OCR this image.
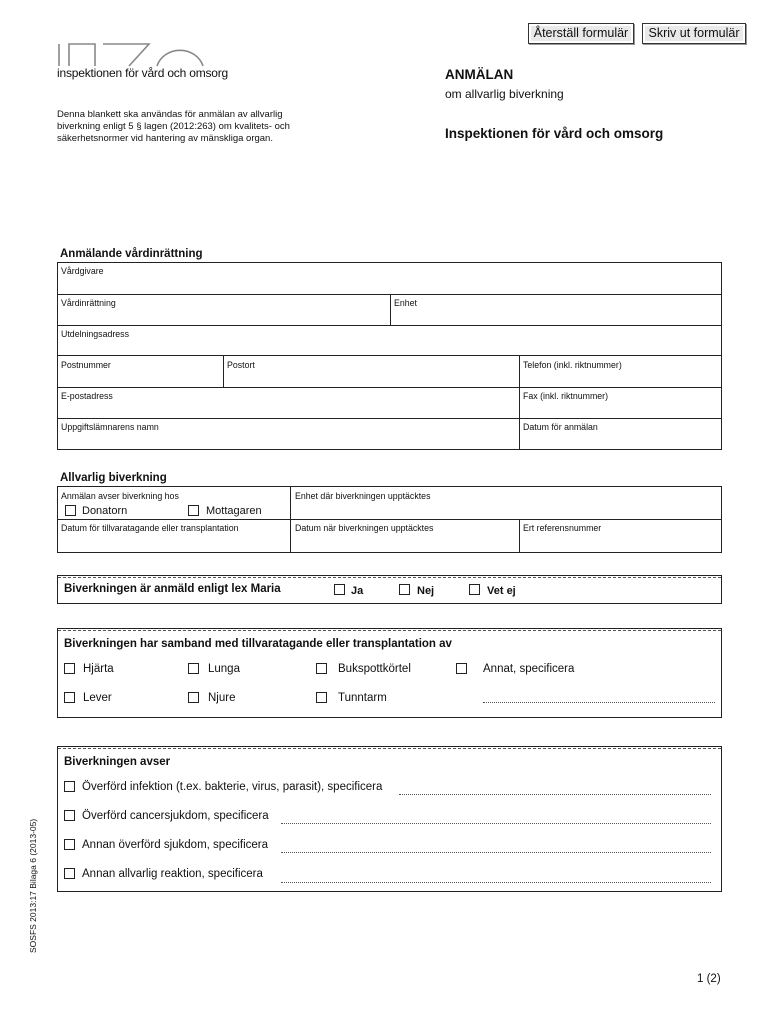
Återställ formulär	Skriv ut formulär
inspektionen för vård och omsorg	ANMÄLAN
om allvarlig biverkning
Inspektionen för vård och omsorg
Denna blankett ska användas för anmälan av allvarlig biverkning enligt 5 § lagen (2012:263) om kvalitets- och säkerhetsnormer vid hantering av mänskliga organ.
Anmälande vårdinrättning
Vårdgivare
Vårdinrättning	Enhet
Utdelningsadress
Postnummer	Postort	Telefon (inkl. riktnummer)
E-postadress	Fax (inkl. riktnummer)
Uppgiftslämnarens namn	Datum för anmälan
Allvarlig biverkning
Anmälan avser biverkning hos
Donatorn	Mottagaren
Enhet där biverkningen upptäcktes
Datum för tillvaratagande eller transplantation	Datum när biverkningen upptäcktes	Ert referensnummer
Biverkningen är anmäld enligt lex Maria	Ja	Nej	Vet ej
Biverkningen har samband med tillvaratagande eller transplantation av
Hjärta	Lunga	Bukspottkörtel	Annat, specificera
Lever	Njure	Tunntarm
Biverkningen avser
Överförd infektion (t.ex. bakterie, virus, parasit), specificera
Överförd cancersjukdom, specificera
Annan överförd sjukdom, specificera
Annan allvarlig reaktion, specificera
SOSFS 2013:17 Bilaga 6 (2013-05)
1 (2)
